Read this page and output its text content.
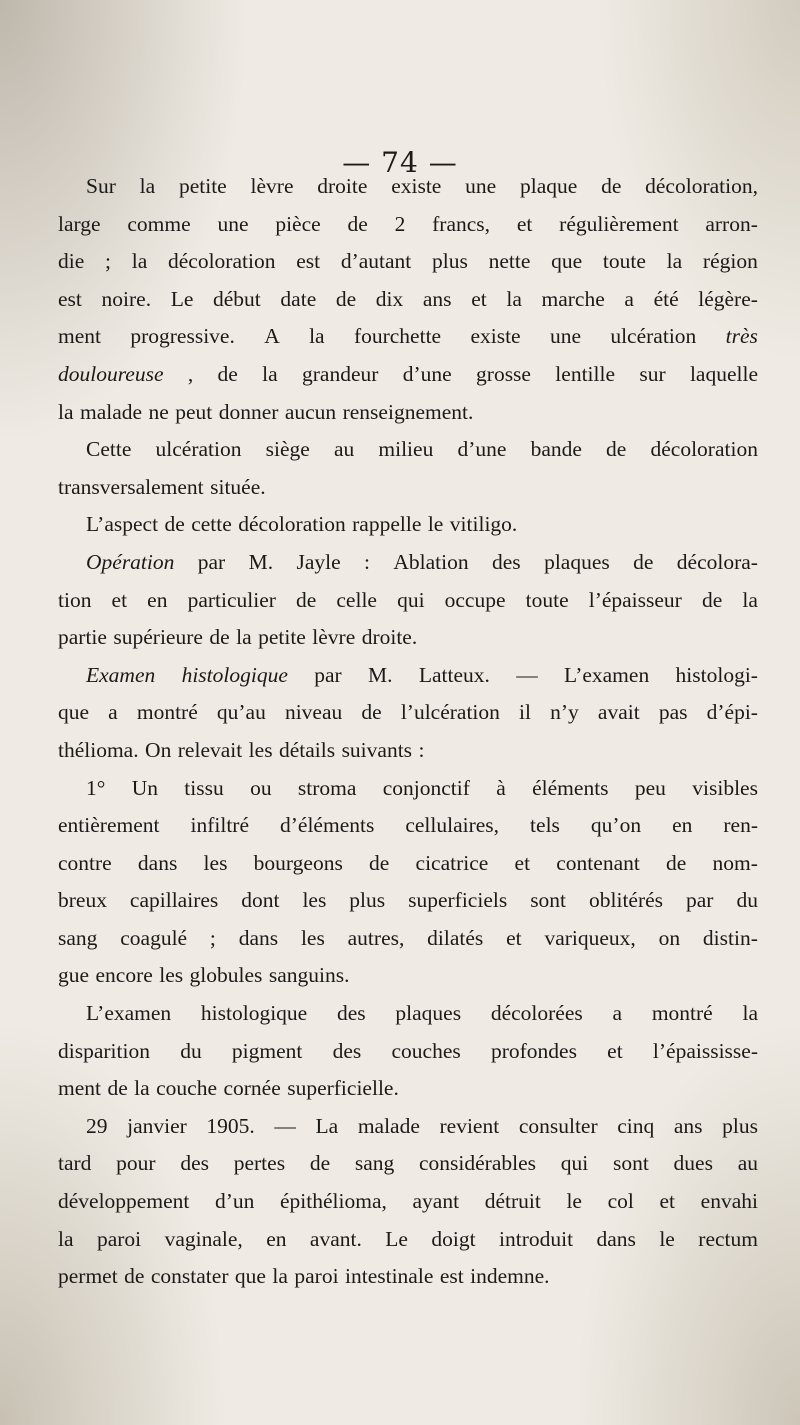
— 74 —
Sur la petite lèvre droite existe une plaque de décoloration,
large comme une pièce de 2 francs, et régulièrement arron-
die ; la décoloration est d’autant plus nette que toute la région
est noire. Le début date de dix ans et la marche a été légère-
ment progressive. A la fourchette existe une ulcération très
douloureuse , de la grandeur d’une grosse lentille sur laquelle
la malade ne peut donner aucun renseignement.
Cette ulcération siège au milieu d’une bande de décoloration
transversalement située.
L’aspect de cette décoloration rappelle le vitiligo.
Opération par M. Jayle : Ablation des plaques de décolora-
tion et en particulier de celle qui occupe toute l’épaisseur de la
partie supérieure de la petite lèvre droite.
Examen histologique par M. Latteux. — L’examen histologi-
que a montré qu’au niveau de l’ulcération il n’y avait pas d’épi-
thélioma. On relevait les détails suivants :
1° Un tissu ou stroma conjonctif à éléments peu visibles
entièrement infiltré d’éléments cellulaires, tels qu’on en ren-
contre dans les bourgeons de cicatrice et contenant de nom-
breux capillaires dont les plus superficiels sont oblitérés par du
sang coagulé ; dans les autres, dilatés et variqueux, on distin-
gue encore les globules sanguins.
L’examen histologique des plaques décolorées a montré la
disparition du pigment des couches profondes et l’épaississe-
ment de la couche cornée superficielle.
29 janvier 1905. — La malade revient consulter cinq ans plus
tard pour des pertes de sang considérables qui sont dues au
développement d’un épithélioma, ayant détruit le col et envahi
la paroi vaginale, en avant. Le doigt introduit dans le rectum
permet de constater que la paroi intestinale est indemne.
